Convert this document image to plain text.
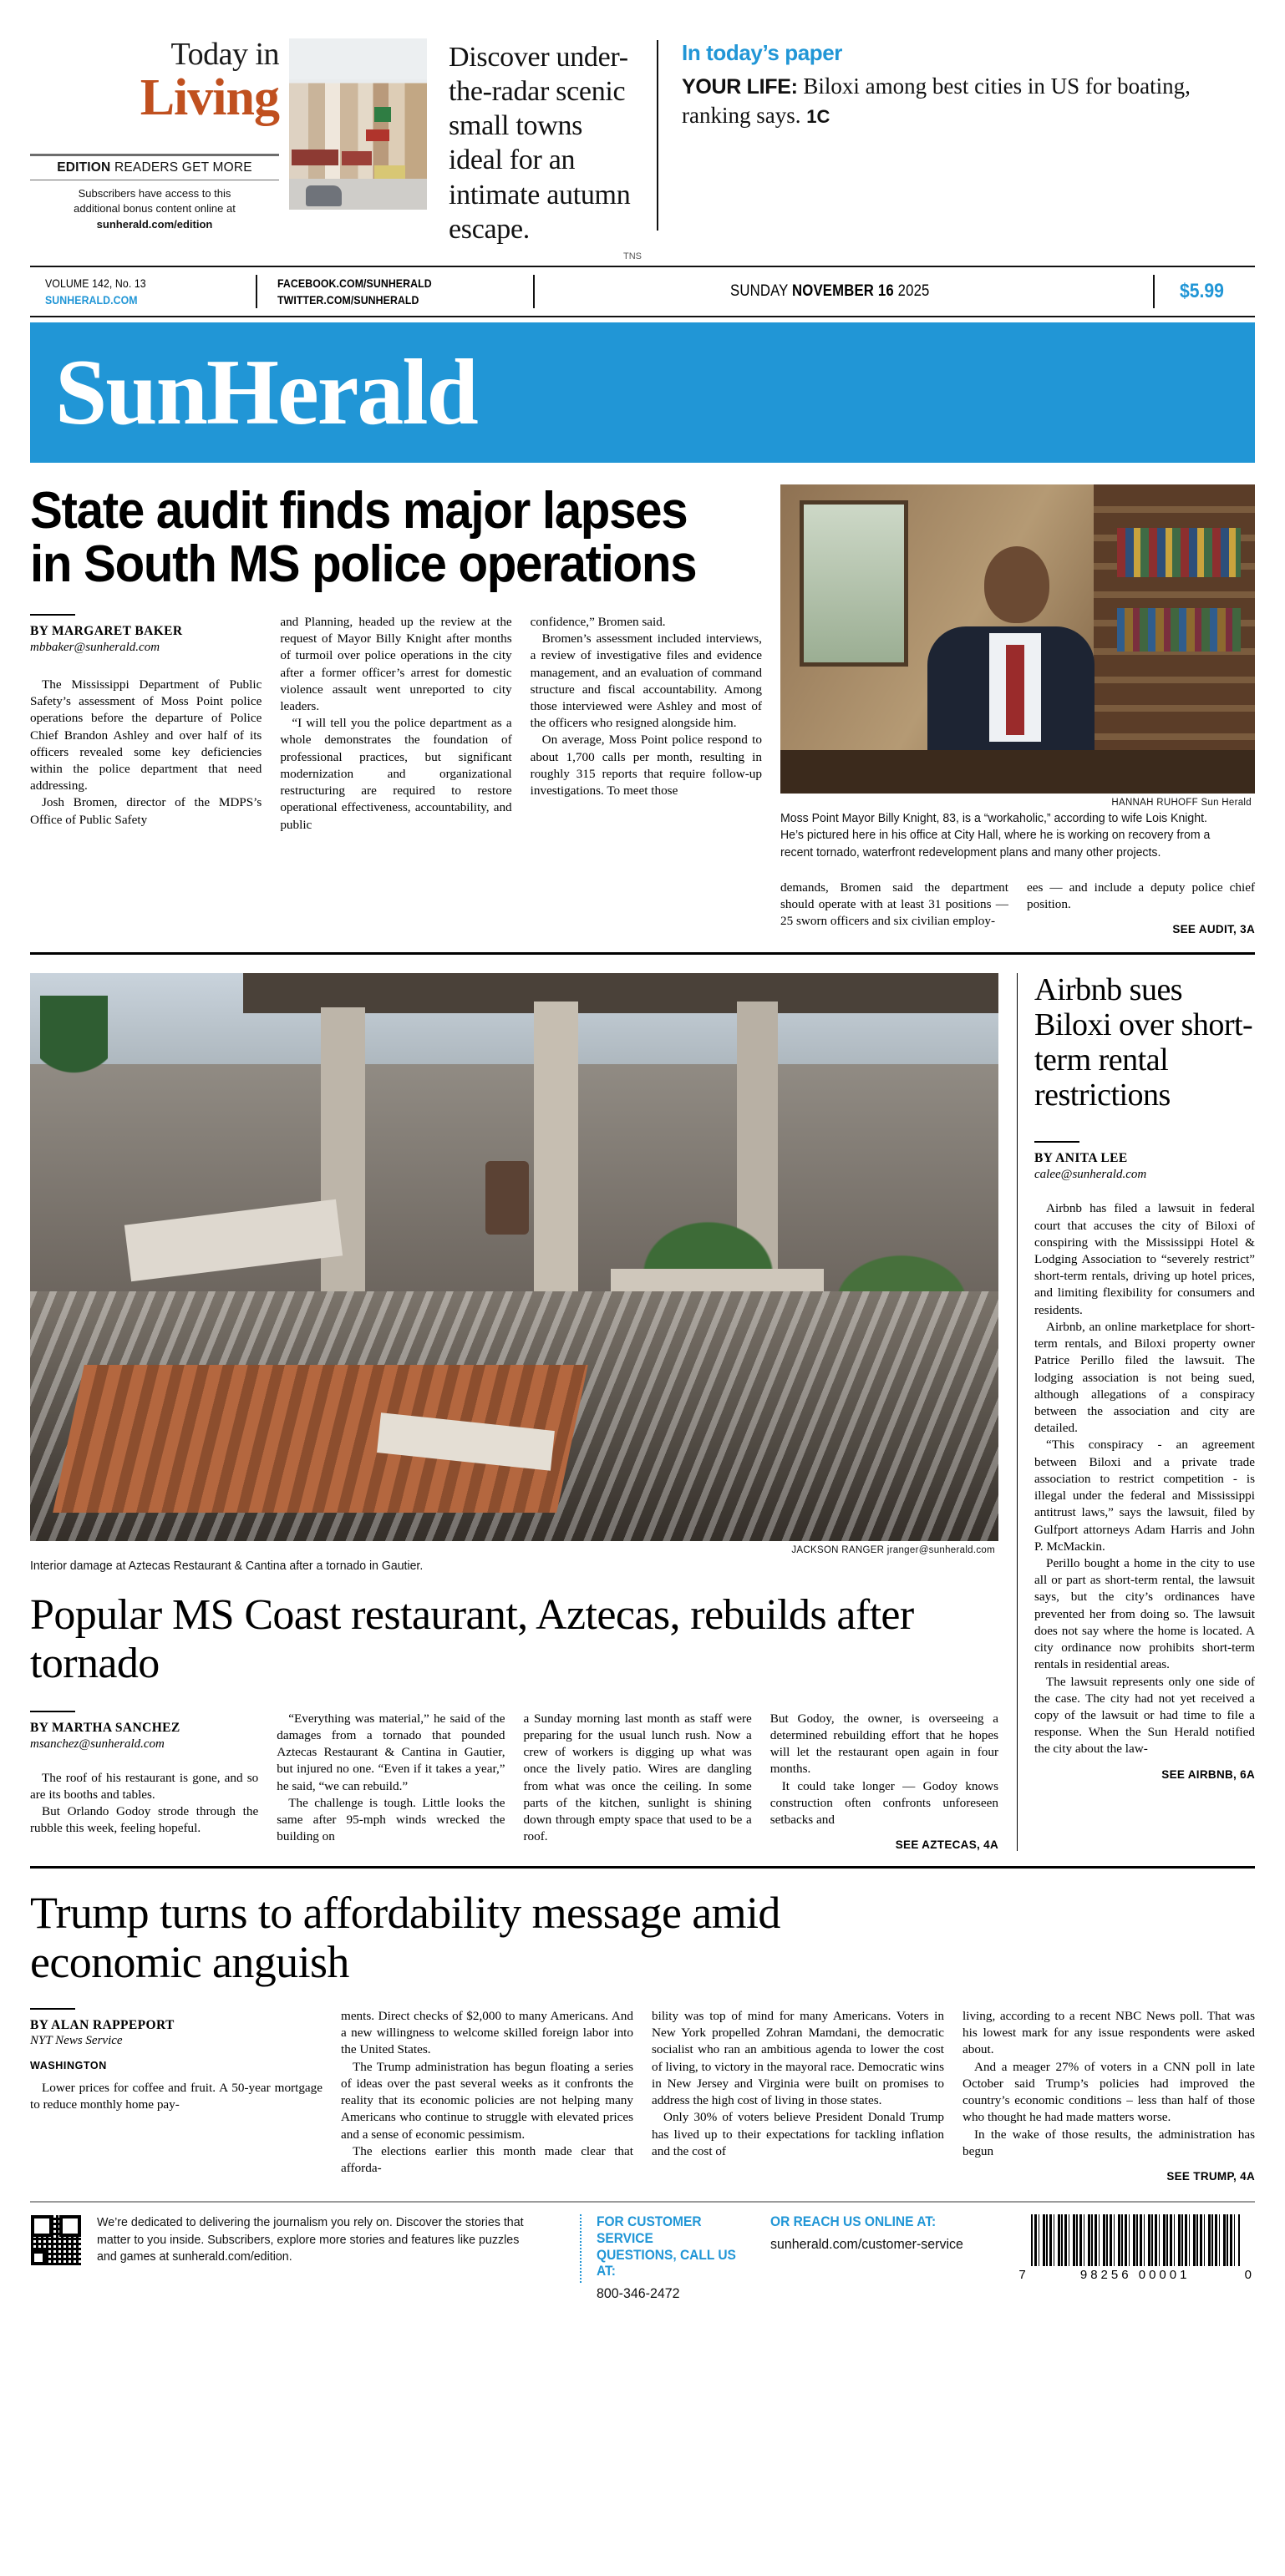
Today in
Living
EDITION READERS GET MORE
Subscribers have access to this
additional bonus content online at
sunherald.com/edition
Discover under-the-radar scenic small towns ideal for an intimate autumn escape.
TNS
In today’s paper
YOUR LIFE: Biloxi among best cities in US for boating, ranking says. 1C
VOLUME 142, No. 13
SUNHERALD.COM
FACEBOOK.COM/SUNHERALD
TWITTER.COM/SUNHERALD	SUNDAY NOVEMBER 16 2025	$5.99
SunHerald
State audit finds major lapses in South MS police operations
BY MARGARET BAKER
mbbaker@sunherald.com

The Mississippi Department of Public Safety’s assessment of Moss Point police operations before the departure of Police Chief Brandon Ashley and over half of its officers revealed some key deficiencies within the police department that need addressing.

Josh Bromen, director of the MDPS’s Office of Public Safety

and Planning, headed up the review at the request of Mayor Billy Knight after months of turmoil over police operations in the city after a former officer’s arrest for domestic violence assault went unreported to city leaders.

“I will tell you the police department as a whole demonstrates the foundation of professional practices, but significant modernization and organizational restructuring are required to restore operational effectiveness, accountability, and public

confidence,” Bromen said.

Bromen’s assessment included interviews, a review of investigative files and evidence management, and an evaluation of command structure and fiscal accountability. Among those interviewed were Ashley and most of the officers who resigned alongside him.

On average, Moss Point police respond to about 1,700 calls per month, resulting in roughly 315 reports that require follow-up investigations. To meet those

HANNAH RUHOFF Sun Herald
Moss Point Mayor Billy Knight, 83, is a “workaholic,” according to wife Lois Knight. He’s pictured here in his office at City Hall, where he is working on recovery from a recent tornado, waterfront redevelopment plans and many other projects.

demands, Bromen said the department should operate with at least 31 positions — 25 sworn officers and six civilian employ-

ees — and include a deputy police chief position.

SEE AUDIT, 3A
JACKSON RANGER jranger@sunherald.com
Interior damage at Aztecas Restaurant & Cantina after a tornado in Gautier.
Popular MS Coast restaurant, Aztecas, rebuilds after tornado
BY MARTHA SANCHEZ
msanchez@sunherald.com

The roof of his restaurant is gone, and so are its booths and tables.

But Orlando Godoy strode through the rubble this week, feeling hopeful.

“Everything was material,” he said of the damages from a tornado that pounded Aztecas Restaurant & Cantina in Gautier, but injured no one. “Even if it takes a year,” he said, “we can rebuild.”

The challenge is tough. Little looks the same after 95-mph winds wrecked the building on

a Sunday morning last month as staff were preparing for the usual lunch rush. Now a crew of workers is digging up what was once the lively patio. Wires are dangling from what was once the ceiling. In some parts of the kitchen, sunlight is shining down through empty space that used to be a roof.

But Godoy, the owner, is overseeing a determined rebuilding effort that he hopes will let the restaurant open again in four months.

It could take longer — Godoy knows construction often confronts unforeseen setbacks and

SEE AZTECAS, 4A
Airbnb sues Biloxi over short-term rental restrictions
BY ANITA LEE
calee@sunherald.com

Airbnb has filed a lawsuit in federal court that accuses the city of Biloxi of conspiring with the Mississippi Hotel & Lodging Association to “severely restrict” short-term rentals, driving up hotel prices, and limiting flexibility for consumers and residents.

Airbnb, an online marketplace for short-term rentals, and Biloxi property owner Patrice Perillo filed the lawsuit. The lodging association is not being sued, although allegations of a conspiracy between the association and city are detailed.

“This conspiracy - an agreement between Biloxi and a private trade association to restrict competition - is illegal under the federal and Mississippi antitrust laws,” says the lawsuit, filed by Gulfport attorneys Adam Harris and John P. McMackin.

Perillo bought a home in the city to use all or part as short-term rental, the lawsuit says, but the city’s ordinances have prevented her from doing so. The lawsuit does not say where the home is located. A city ordinance now prohibits short-term rentals in residential areas.

The lawsuit represents only one side of the case. The city had not yet received a copy of the lawsuit or had time to file a response. When the Sun Herald notified the city about the law-

SEE AIRBNB, 6A
Trump turns to affordability message amid economic anguish
BY ALAN RAPPEPORT
NYT News Service
WASHINGTON

Lower prices for coffee and fruit. A 50-year mortgage to reduce monthly home pay-

ments. Direct checks of $2,000 to many Americans. And a new willingness to welcome skilled foreign labor into the United States.

The Trump administration has begun floating a series of ideas over the past several weeks as it confronts the reality that its economic policies are not helping many Americans who continue to struggle with elevated prices and a sense of economic pessimism.

The elections earlier this month made clear that afforda-

bility was top of mind for many Americans. Voters in New York propelled Zohran Mamdani, the democratic socialist who ran an ambitious agenda to lower the cost of living, to victory in the mayoral race. Democratic wins in New Jersey and Virginia were built on promises to address the high cost of living in those states.

Only 30% of voters believe President Donald Trump has lived up to their expectations for tackling inflation and the cost of

living, according to a recent NBC News poll. That was his lowest mark for any issue respondents were asked about.

And a meager 27% of voters in a CNN poll in late October said Trump’s policies had improved the country’s economic conditions – less than half of those who thought he had made matters worse.

In the wake of those results, the administration has begun

SEE TRUMP, 4A
We’re dedicated to delivering the journalism you rely on. Discover the stories that matter to you inside. Subscribers, explore more stories and features like puzzles and games at sunherald.com/edition.
FOR CUSTOMER SERVICE
QUESTIONS, CALL US AT:
800-346-2472
OR REACH US ONLINE AT:
sunherald.com/customer-service
7	98256 00001	0
